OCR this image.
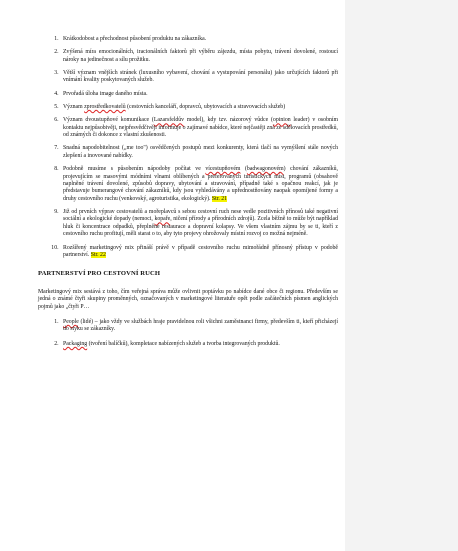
1. Krátkodobost a přechodnost působení produktu na zákazníka.
2. Zvýšená míra emocionálních, iracionálních faktorů při výběru zájezdu, místa pobytu, trávení dovolené, rostoucí nároky na jedinečnost a sílu prožitku.
3. Větší význam vnějších stránek (luxusního vybavení, chování a vystupování personálu) jako určujících faktorů při vnímání kvality poskytovaných služeb.
4. Prvořadá úloha image daného místa.
5. Význam zprostředkovatelů (cestovních kanceláří, dopravců, ubytovacích a stravovacích služeb)
6. Význam dvoustupňové komunikace (Lazarsfeldův model), kdy tzv. názorový vůdce (opinion leader) v osobním kontaktu nejpůsobivěji, nejpřesvědčivěji informuje o zajímavé nabídce, které nejčastěji zná ze sdělovacích prostředků, od známých či dokonce z vlastní zkušenosti.
7. Snadná napodobitelnost („me too") osvědčených postupů mezi konkurenty, která tlačí na vymýšlení stále nových zlepšení a inovované nabídky.
8. Podobně musíme s působením nápodoby počítat ve vícestupňovém (badwagonovém) chování zákazníků, projevujícím se masovými módními vlnami oblíbených a preferovaných turistických míst, programů (obsahově naplněné trávení dovolené, způsobů dopravy, ubytování a stravování, případně také s opačnou reakcí, jak je představuje bumerangové chování zákazníků, kdy jsou vyhledávány a upřednostňovány naopak opomíjené formy a druhy cestovního ruchu (venkovský, agroturistika, ekologický). Str. 21
9. Již od prvních výprav cestovatelů a mořeplavců s sebou cestovní ruch nese vedle pozitivních přínosů také negativní sociální a ekologické dopady (nemoci, kopaře, ničení přírody a přírodních zdrojů). Zcela běžně to může být například hluk či koncentrace odpadků, přeplněné restaurace a dopravní kolapsy. Ve všem vlastním zájmu by se ti, kteří z cestovního ruchu profitují, měli starat o to, aby tyto projevy ohrožovaly místní rozvoj co možná nejméně.
10. Rozšířený marketingový mix přináší právě v případě cestovního ruchu mimořádně přínosný přístup v podobě partnerství. Str. 22
PARTNERSTVÍ PRO CESTOVNÍ RUCH

Marketingový mix sestává z toho, čím veřejná správa může ovlivnit poptávku po nabídce dané obce či regionu. Především se jedná o známé čtyři skupiny proměnných, označovaných v marketingové literatuře opět podle začátečních písmen anglických pojmů jako „čtyři P…

1. People (lidé) – jako vždy ve službách hraje pravidelnou roli všichni zaměstnanci firmy, především ti, kteří přicházejí do styku se zákazníky.
2. Packaging (tvoření balíčků), kompletace nabízených služeb a tvorba integrovaných produktů.
